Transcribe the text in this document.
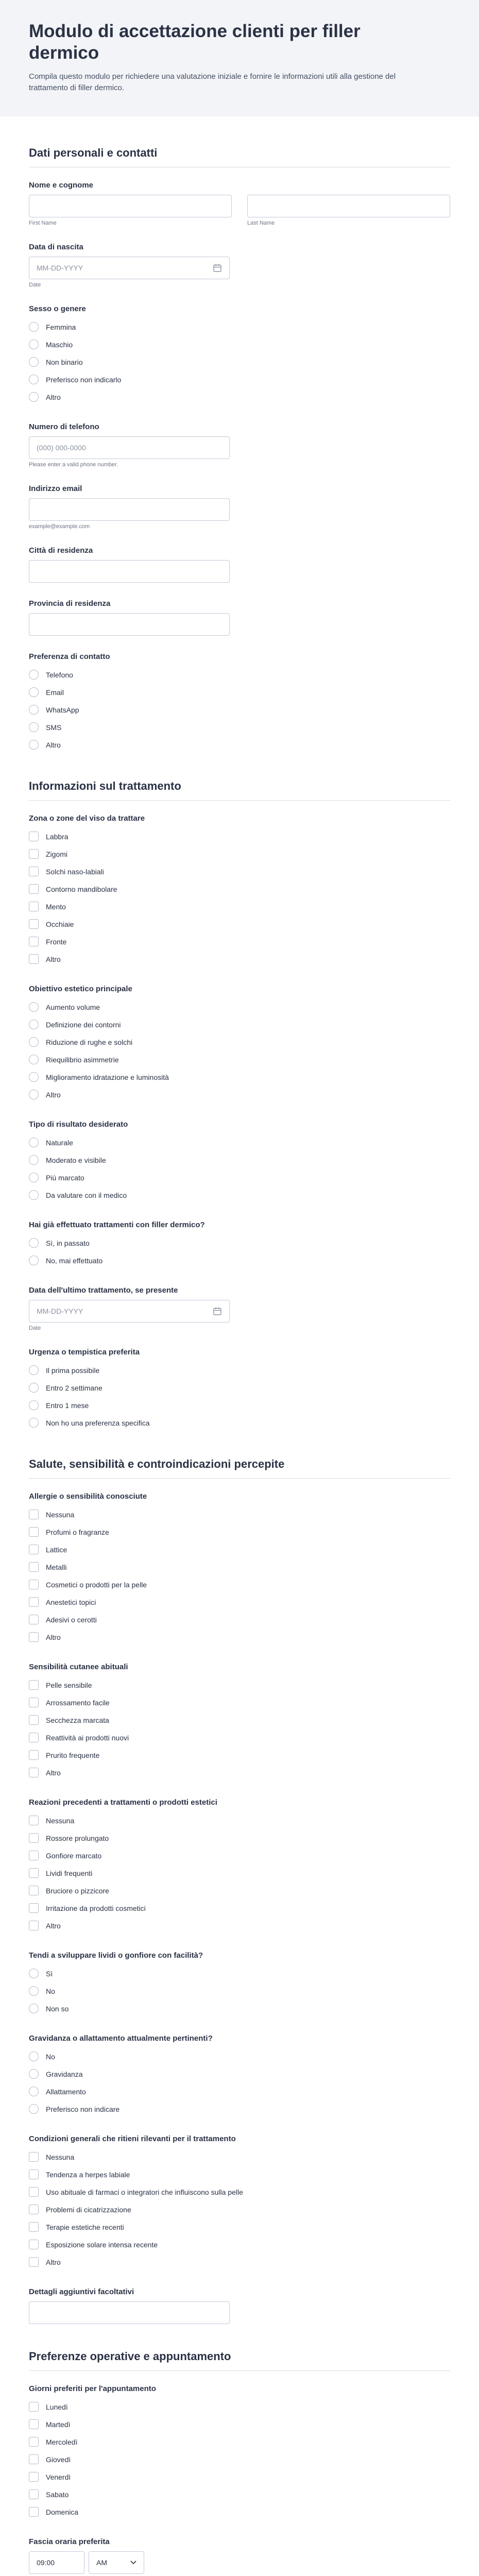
Modulo di accettazione clienti per filler dermico
Compila questo modulo per richiedere una valutazione iniziale e fornire le informazioni utili alla gestione del trattamento di filler dermico.
Dati personali e contatti
Nome e cognome
First Name	Last Name
Data di nascita
MM-DD-YYYY
Date
Sesso o genere
Femmina
Maschio
Non binario
Preferisco non indicarlo
Altro
Numero di telefono
(000) 000-0000
Please enter a valid phone number.
Indirizzo email
example@example.com
Città di residenza
Provincia di residenza
Preferenza di contatto
Telefono
Email
WhatsApp
SMS
Altro
Informazioni sul trattamento
Zona o zone del viso da trattare
Labbra
Zigomi
Solchi naso-labiali
Contorno mandibolare
Mento
Occhiaie
Fronte
Altro
Obiettivo estetico principale
Aumento volume
Definizione dei contorni
Riduzione di rughe e solchi
Riequilibrio asimmetrie
Miglioramento idratazione e luminosità
Altro
Tipo di risultato desiderato
Naturale
Moderato e visibile
Più marcato
Da valutare con il medico
Hai già effettuato trattamenti con filler dermico?
Sì, in passato
No, mai effettuato
Data dell'ultimo trattamento, se presente
MM-DD-YYYY
Date
Urgenza o tempistica preferita
Il prima possibile
Entro 2 settimane
Entro 1 mese
Non ho una preferenza specifica
Salute, sensibilità e controindicazioni percepite
Allergie o sensibilità conosciute
Nessuna
Profumi o fragranze
Lattice
Metalli
Cosmetici o prodotti per la pelle
Anestetici topici
Adesivi o cerotti
Altro
Sensibilità cutanee abituali
Pelle sensibile
Arrossamento facile
Secchezza marcata
Reattività ai prodotti nuovi
Prurito frequente
Altro
Reazioni precedenti a trattamenti o prodotti estetici
Nessuna
Rossore prolungato
Gonfiore marcato
Lividi frequenti
Bruciore o pizzicore
Irritazione da prodotti cosmetici
Altro
Tendi a sviluppare lividi o gonfiore con facilità?
Sì
No
Non so
Gravidanza o allattamento attualmente pertinenti?
No
Gravidanza
Allattamento
Preferisco non indicare
Condizioni generali che ritieni rilevanti per il trattamento
Nessuna
Tendenza a herpes labiale
Uso abituale di farmaci o integratori che influiscono sulla pelle
Problemi di cicatrizzazione
Terapie estetiche recenti
Esposizione solare intensa recente
Altro
Dettagli aggiuntivi facoltativi
Preferenze operative e appuntamento
Giorni preferiti per l'appuntamento
Lunedì
Martedì
Mercoledì
Giovedì
Venerdì
Sabato
Domenica
Fascia oraria preferita
09:00	AM
